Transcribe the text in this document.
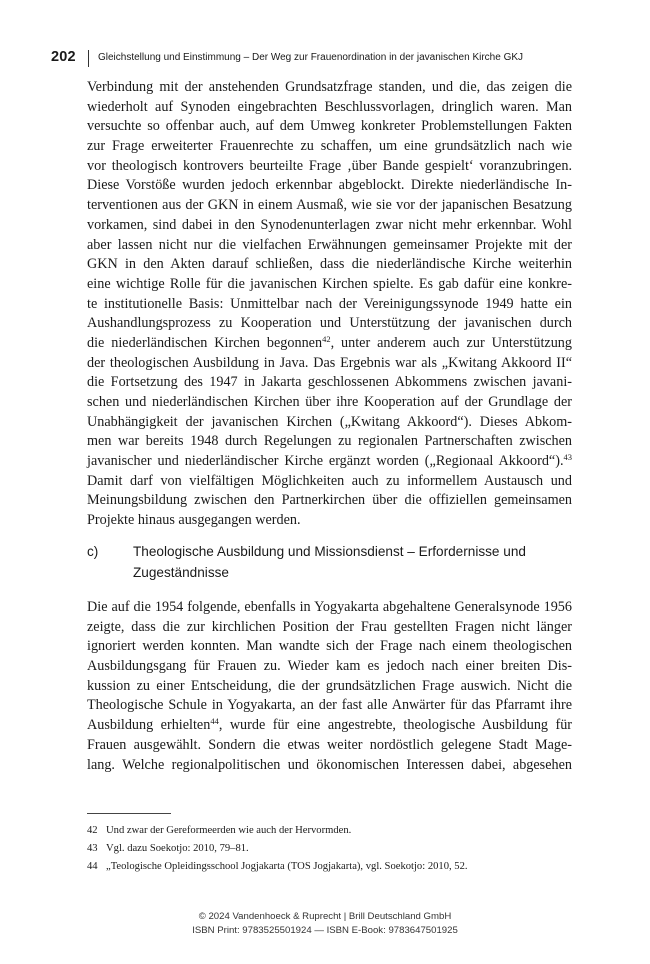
202 Gleichstellung und Einstimmung – Der Weg zur Frauenordination in der javanischen Kirche GKJ
Verbindung mit der anstehenden Grundsatzfrage standen, und die, das zeigen die
wiederholt auf Synoden eingebrachten Beschlussvorlagen, dringlich waren. Man
versuchte so offenbar auch, auf dem Umweg konkreter Problemstellungen Fakten
zur Frage erweiterter Frauenrechte zu schaffen, um eine grundsätzlich nach wie
vor theologisch kontrovers beurteilte Frage ‚über Bande gespielt‘ voranzubringen.
Diese Vorstöße wurden jedoch erkennbar abgeblockt. Direkte niederländische In-
terventionen aus der GKN in einem Ausmaß, wie sie vor der japanischen Besatzung
vorkamen, sind dabei in den Synodenunterlagen zwar nicht mehr erkennbar. Wohl
aber lassen nicht nur die vielfachen Erwähnungen gemeinsamer Projekte mit der
GKN in den Akten darauf schließen, dass die niederländische Kirche weiterhin
eine wichtige Rolle für die javanischen Kirchen spielte. Es gab dafür eine konkre-
te institutionelle Basis: Unmittelbar nach der Vereinigungssynode 1949 hatte ein
Aushandlungsprozess zu Kooperation und Unterstützung der javanischen durch
die niederländischen Kirchen begonnen$^{42}$, unter anderem auch zur Unterstützung
der theologischen Ausbildung in Java. Das Ergebnis war als „Kwitang Akkoord II“
die Fortsetzung des 1947 in Jakarta geschlossenen Abkommens zwischen javani-
schen und niederländischen Kirchen über ihre Kooperation auf der Grundlage der
Unabhängigkeit der javanischen Kirchen („Kwitang Akkoord“). Dieses Abkom-
men war bereits 1948 durch Regelungen zu regionalen Partnerschaften zwischen
javanischer und niederländischer Kirche ergänzt worden („Regionaal Akkoord“).$^{43}$
Damit darf von vielfältigen Möglichkeiten auch zu informellem Austausch und
Meinungsbildung zwischen den Partnerkirchen über die offiziellen gemeinsamen
Projekte hinaus ausgegangen werden.
c)	Theologische Ausbildung und Missionsdienst – Erfordernisse und
Zugeständnisse
Die auf die 1954 folgende, ebenfalls in Yogyakarta abgehaltene Generalsynode 1956
zeigte, dass die zur kirchlichen Position der Frau gestellten Fragen nicht länger
ignoriert werden konnten. Man wandte sich der Frage nach einem theologischen
Ausbildungsgang für Frauen zu. Wieder kam es jedoch nach einer breiten Dis-
kussion zu einer Entscheidung, die der grundsätzlichen Frage auswich. Nicht die
Theologische Schule in Yogyakarta, an der fast alle Anwärter für das Pfarramt ihre
Ausbildung erhielten$^{44}$, wurde für eine angestrebte, theologische Ausbildung für
Frauen ausgewählt. Sondern die etwas weiter nordöstlich gelegene Stadt Mage-
lang. Welche regionalpolitischen und ökonomischen Interessen dabei, abgesehen
42 Und zwar der Gereformeerden wie auch der Hervormden.
43 Vgl. dazu Soekotjo: 2010, 79–81.
44 „Teologische Opleidingsschool Jogjakarta (TOS Jogjakarta), vgl. Soekotjo: 2010, 52.
© 2024 Vandenhoeck & Ruprecht | Brill Deutschland GmbH
ISBN Print: 9783525501924 — ISBN E-Book: 9783647501925
